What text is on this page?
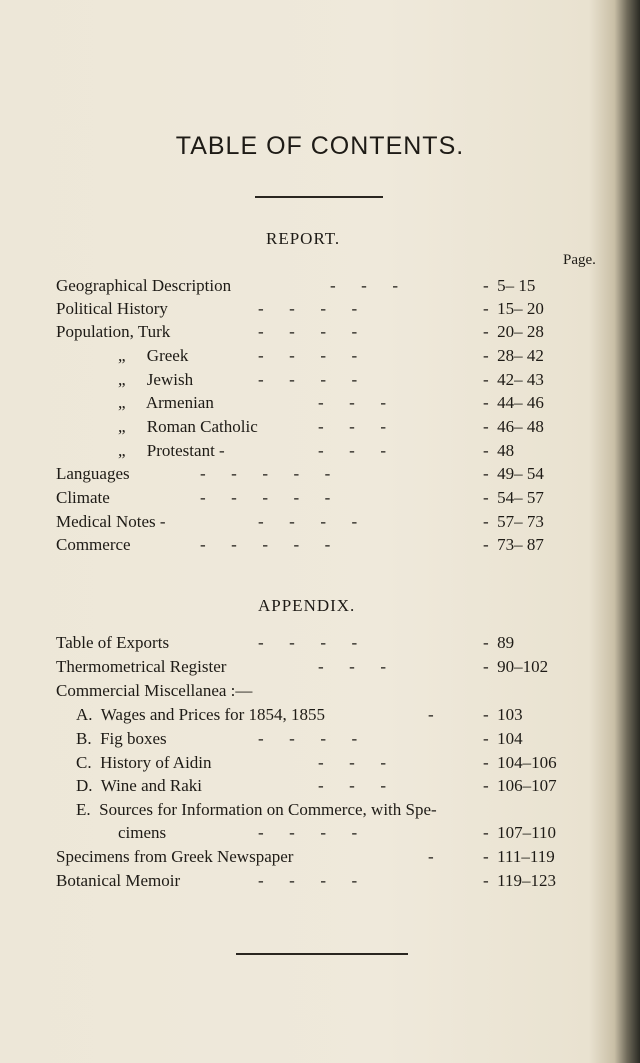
TABLE OF CONTENTS.
REPORT.
Page.
Geographical Description	-      -      -	-  5– 15
Political History	-      -      -      -	-  15– 20
Population, Turk	-      -      -      -	-  20– 28
„     Greek	-      -      -      -	-  28– 42
„     Jewish	-      -      -      -	-  42– 43
„     Armenian	-      -      -	-  44– 46
„     Roman Catholic	-      -      -	-  46– 48
„     Protestant -	-      -      -	-  48
Languages	-      -      -      -      -	-  49– 54
Climate	-      -      -      -      -	-  54– 57
Medical Notes -	-      -      -      -	-  57– 73
Commerce	-      -      -      -      -	-  73– 87
APPENDIX.
Table of Exports	-      -      -      -	-  89
Thermometrical Register	-      -      -	-  90–102
Commercial Miscellanea :—
A.  Wages and Prices for 1854, 1855	-	-  103
B.  Fig boxes	-      -      -      -	-  104
C.  History of Aidin	-      -      -	-  104–106
D.  Wine and Raki	-      -      -	-  106–107
E.  Sources for Information on Commerce, with Spe-
cimens	-      -      -      -	-  107–110
Specimens from Greek Newspaper	-	-  111–119
Botanical Memoir	-      -      -      -	-  119–123
